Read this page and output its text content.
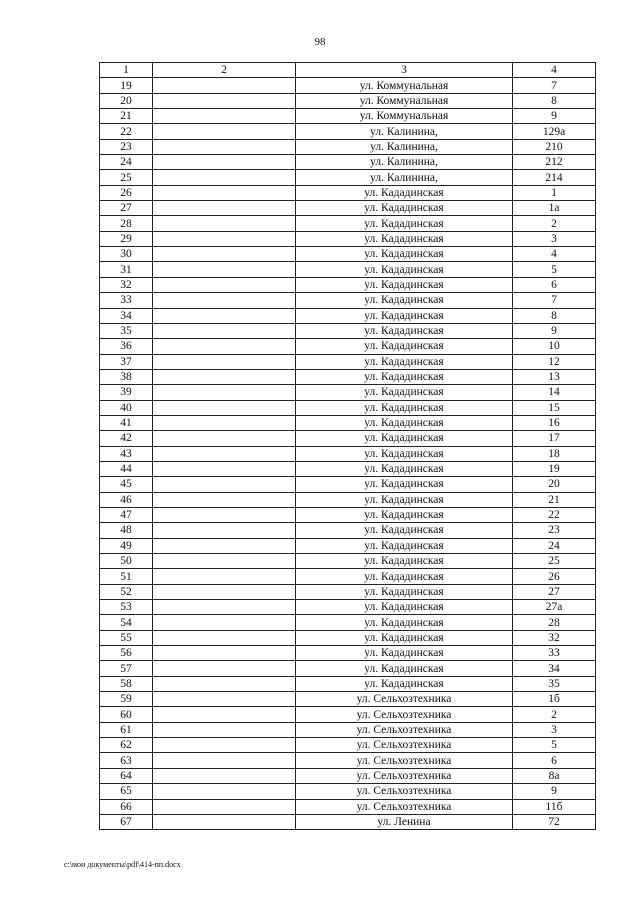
98
1	2	3	4
19		ул. Коммунальная	7
20		ул. Коммунальная	8
21		ул. Коммунальная	9
22		ул. Калинина,	129а
23		ул. Калинина,	210
24		ул. Калинина,	212
25		ул. Калинина,	214
26		ул. Кададинская	1
27		ул. Кададинская	1а
28		ул. Кададинская	2
29		ул. Кададинская	3
30		ул. Кададинская	4
31		ул. Кададинская	5
32		ул. Кададинская	6
33		ул. Кададинская	7
34		ул. Кададинская	8
35		ул. Кададинская	9
36		ул. Кададинская	10
37		ул. Кададинская	12
38		ул. Кададинская	13
39		ул. Кададинская	14
40		ул. Кададинская	15
41		ул. Кададинская	16
42		ул. Кададинская	17
43		ул. Кададинская	18
44		ул. Кададинская	19
45		ул. Кададинская	20
46		ул. Кададинская	21
47		ул. Кададинская	22
48		ул. Кададинская	23
49		ул. Кададинская	24
50		ул. Кададинская	25
51		ул. Кададинская	26
52		ул. Кададинская	27
53		ул. Кададинская	27а
54		ул. Кададинская	28
55		ул. Кададинская	32
56		ул. Кададинская	33
57		ул. Кададинская	34
58		ул. Кададинская	35
59		ул. Сельхозтехника	1б
60		ул. Сельхозтехника	2
61		ул. Сельхозтехника	3
62		ул. Сельхозтехника	5
63		ул. Сельхозтехника	6
64		ул. Сельхозтехника	8а
65		ул. Сельхозтехника	9
66		ул. Сельхозтехника	11б
67		ул. Ленина	72
c:\мои документы\pdf\414-пп.docx
